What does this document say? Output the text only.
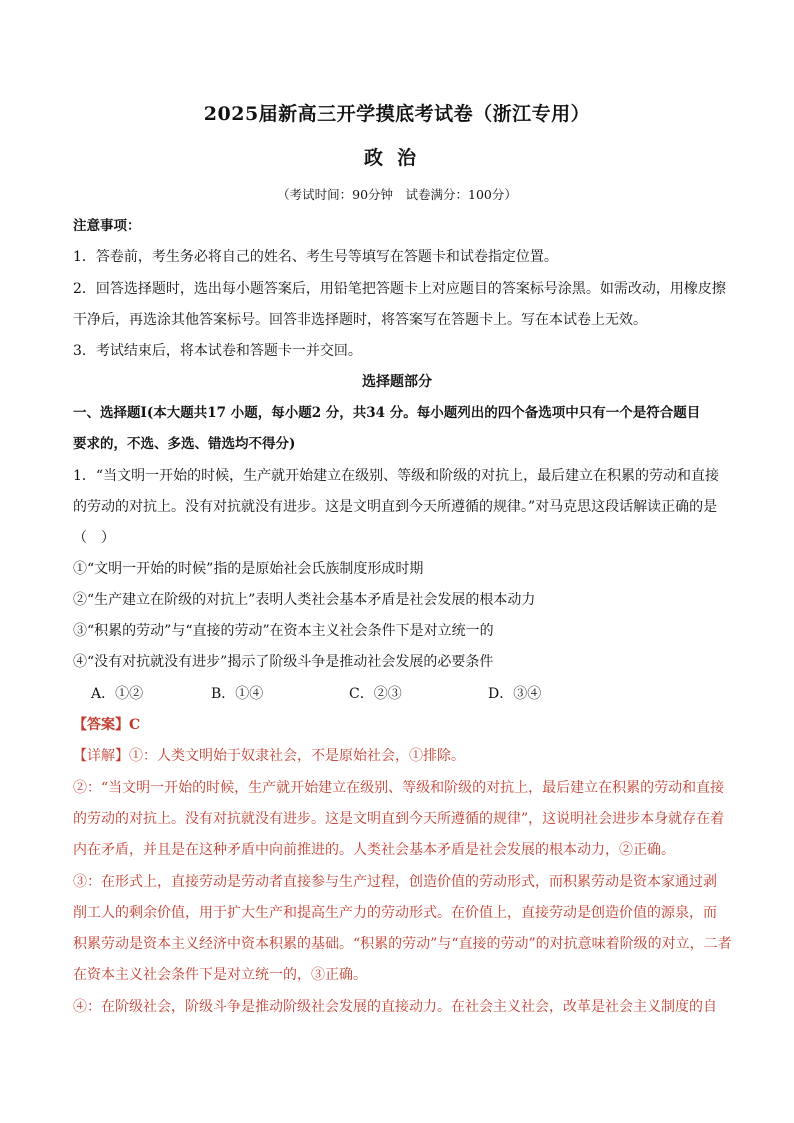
2025届新高三开学摸底考试卷（浙江专用）
政治
（考试时间：90分钟　试卷满分：100分）
注意事项：
1．答卷前，考生务必将自己的姓名、考生号等填写在答题卡和试卷指定位置。
2．回答选择题时，选出每小题答案后，用铅笔把答题卡上对应题目的答案标号涂黑。如需改动，用橡皮擦
干净后，再选涂其他答案标号。回答非选择题时，将答案写在答题卡上。写在本试卷上无效。
3．考试结束后，将本试卷和答题卡一并交回。
选择题部分
一、选择题Ⅰ(本大题共17 小题，每小题2 分，共34 分。每小题列出的四个备选项中只有一个是符合题目
要求的，不选、多选、错选均不得分)
1．“当文明一开始的时候，生产就开始建立在级别、等级和阶级的对抗上，最后建立在积累的劳动和直接
的劳动的对抗上。没有对抗就没有进步。这是文明直到今天所遵循的规律。”对马克思这段话解读正确的是
（　）
①“文明一开始的时候”指的是原始社会氏族制度形成时期
②“生产建立在阶级的对抗上”表明人类社会基本矛盾是社会发展的根本动力
③“积累的劳动”与“直接的劳动”在资本主义社会条件下是对立统一的
④“没有对抗就没有进步”揭示了阶级斗争是推动社会发展的必要条件
A．①②	B．①④	C．②③	D．③④
【答案】C
【详解】①：人类文明始于奴隶社会，不是原始社会，①排除。
②：“当文明一开始的时候，生产就开始建立在级别、等级和阶级的对抗上，最后建立在积累的劳动和直接
的劳动的对抗上。没有对抗就没有进步。这是文明直到今天所遵循的规律”，这说明社会进步本身就存在着
内在矛盾，并且是在这种矛盾中向前推进的。人类社会基本矛盾是社会发展的根本动力，②正确。
③：在形式上，直接劳动是劳动者直接参与生产过程，创造价值的劳动形式，而积累劳动是资本家通过剥
削工人的剩余价值，用于扩大生产和提高生产力的劳动形式。在价值上，直接劳动是创造价值的源泉，而
积累劳动是资本主义经济中资本积累的基础。“积累的劳动”与“直接的劳动”的对抗意味着阶级的对立，二者
在资本主义社会条件下是对立统一的，③正确。
④：在阶级社会，阶级斗争是推动阶级社会发展的直接动力。在社会主义社会，改革是社会主义制度的自
